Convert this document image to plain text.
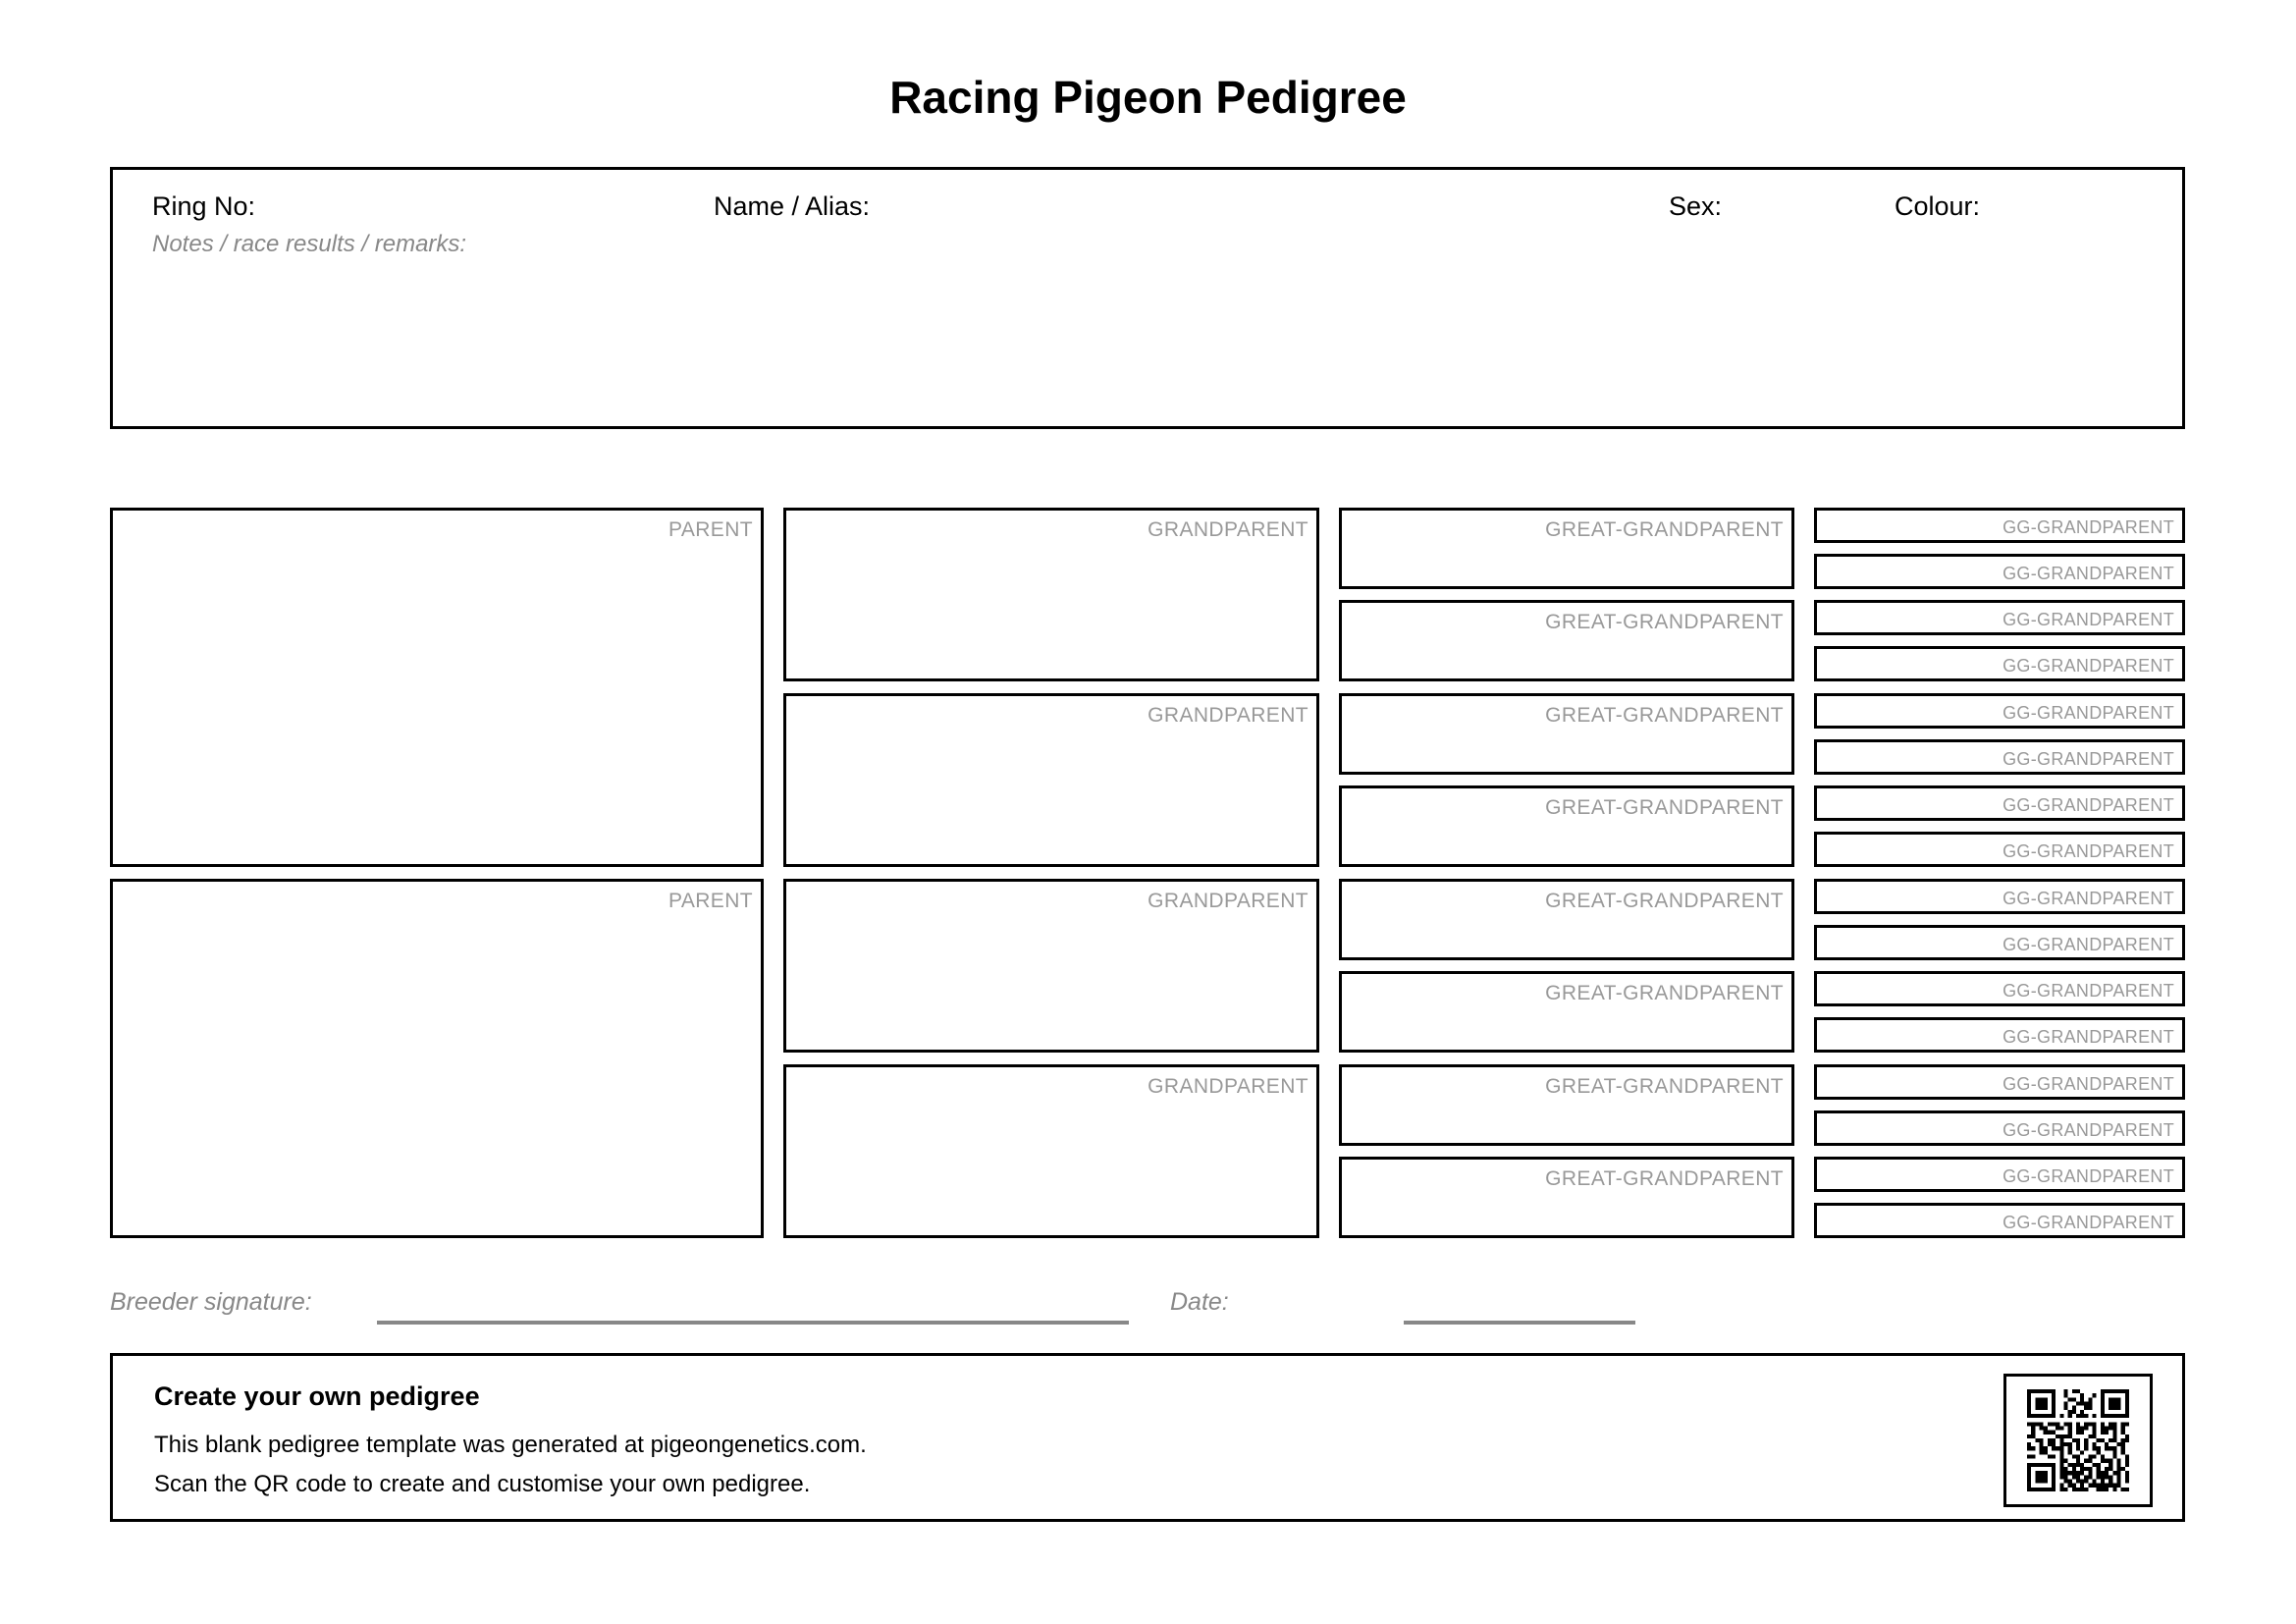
Racing Pigeon Pedigree
Ring No:	Name / Alias:	Sex:	Colour:
Notes / race results / remarks:
PARENT
PARENT
GRANDPARENT
GRANDPARENT
GRANDPARENT
GRANDPARENT
GREAT-GRANDPARENT
GREAT-GRANDPARENT
GREAT-GRANDPARENT
GREAT-GRANDPARENT
GREAT-GRANDPARENT
GREAT-GRANDPARENT
GREAT-GRANDPARENT
GREAT-GRANDPARENT
GG-GRANDPARENT
GG-GRANDPARENT
GG-GRANDPARENT
GG-GRANDPARENT
GG-GRANDPARENT
GG-GRANDPARENT
GG-GRANDPARENT
GG-GRANDPARENT
GG-GRANDPARENT
GG-GRANDPARENT
GG-GRANDPARENT
GG-GRANDPARENT
GG-GRANDPARENT
GG-GRANDPARENT
GG-GRANDPARENT
GG-GRANDPARENT
Breeder signature:	Date:
Create your own pedigree
This blank pedigree template was generated at pigeongenetics.com.
Scan the QR code to create and customise your own pedigree.
